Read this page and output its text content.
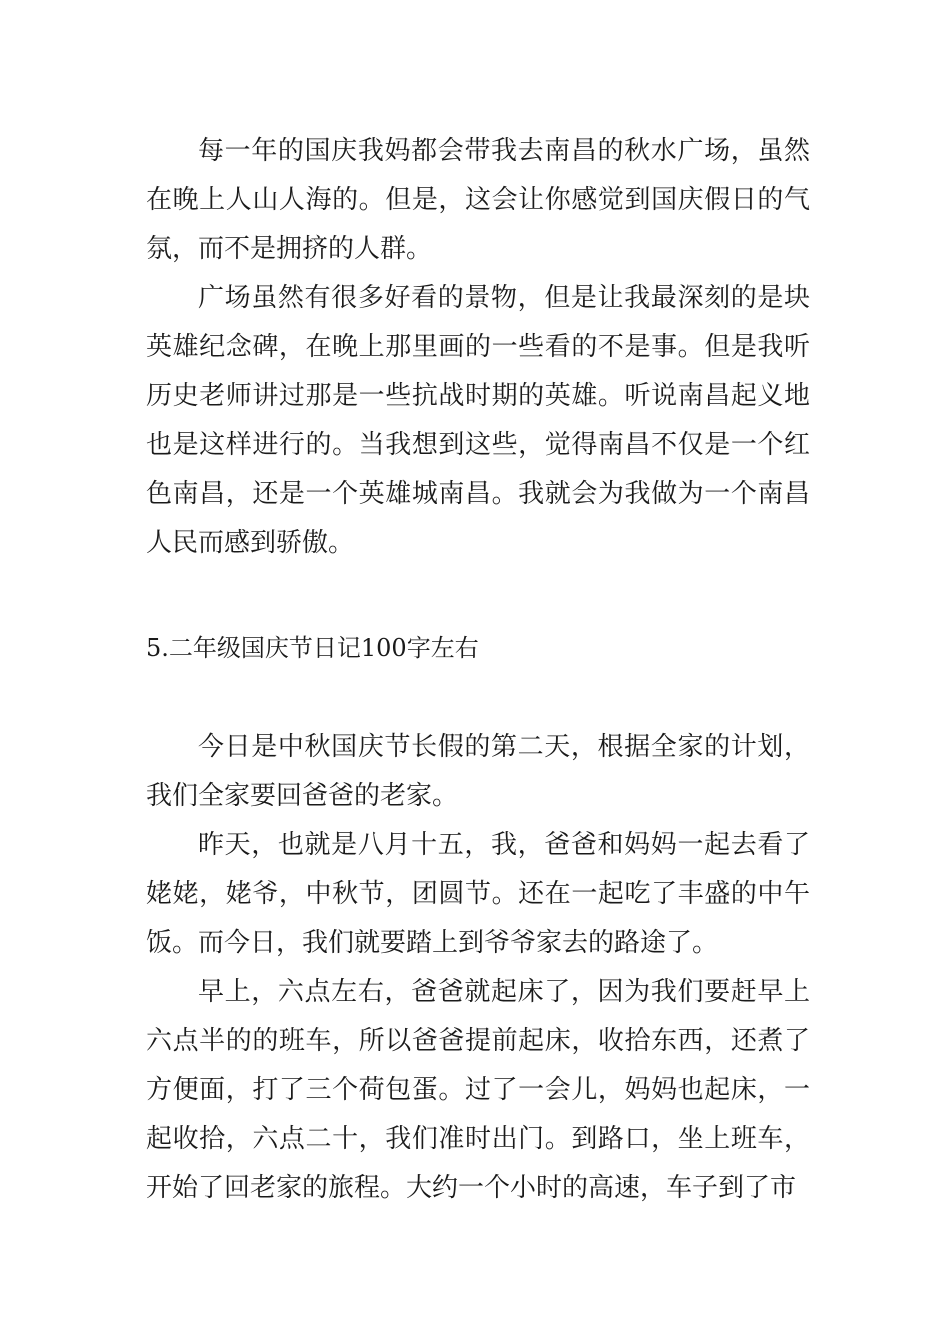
每一年的国庆我妈都会带我去南昌的秋水广场，虽然在晚上人山人海的。但是，这会让你感觉到国庆假日的气氛，而不是拥挤的人群。

广场虽然有很多好看的景物，但是让我最深刻的是块英雄纪念碑，在晚上那里画的一些看的不是事。但是我听历史老师讲过那是一些抗战时期的英雄。听说南昌起义地也是这样进行的。当我想到这些，觉得南昌不仅是一个红色南昌，还是一个英雄城南昌。我就会为我做为一个南昌人民而感到骄傲。

5.二年级国庆节日记100字左右

今日是中秋国庆节长假的第二天，根据全家的计划，我们全家要回爸爸的老家。

昨天，也就是八月十五，我，爸爸和妈妈一起去看了姥姥，姥爷，中秋节，团圆节。还在一起吃了丰盛的中午饭。而今日，我们就要踏上到爷爷家去的路途了。

早上，六点左右，爸爸就起床了，因为我们要赶早上六点半的的班车，所以爸爸提前起床，收拾东西，还煮了方便面，打了三个荷包蛋。过了一会儿，妈妈也起床，一起收拾，六点二十，我们准时出门。到路口，坐上班车，开始了回老家的旅程。大约一个小时的高速，车子到了市
